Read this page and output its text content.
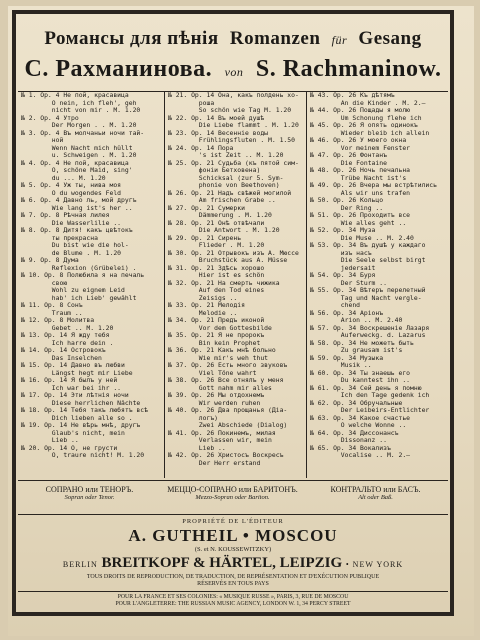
Романсы для пѣнія Romanzen für Gesang
С. Рахманинова. von S. Rachmaninow.
№ 1. Op. 4 Не пой, красавица
O nein, ich fleh', geh
nicht von mir . M. 1.20
№ 2. Op. 4 Утро
Der Morgen . . M. 1.20
№ 3. Op. 4 Въ молчаньи ночи тай-
ной
Wenn Nacht mich hüllt
u. Schweigen . M. 1.20
№ 4. Op. 4 Не пой, красавица
O, schöne Maid, sing'
du ... M. 1.20
№ 5. Op. 4 Уж ты, нива моя
O du wogendes Feld
№ 6. Op. 4 Давно ль, мой другъ
Wie lang ist's her ..
№ 7. Op. 8 Рѣчная лилея
Die Wasserlilie ..
№ 8. Op. 8 Дитя! какъ цвѣтокъ
ты прекрасна
Du bist wie die hol-
de Blume . M. 1.20
№ 9. Op. 8 Дума
Reflexion (Grübelei) .
№ 10. Op. 8 Полюбила я на печаль
свою
Wohl zu eignem Leid
hab' ich Lieb' gewählt
№ 11. Op. 8 Сонъ
Traum ..
№ 12. Op. 8 Молитва
Gebet .. M. 1.20
№ 13. Op. 14 Я жду тебя
Ich harre dein .
№ 14. Op. 14 Островокъ
Das Inselchen
№ 15. Op. 14 Давно въ любви
Längst hegt mir Liebe
№ 16. Op. 14 Я былъ у ней
Ich war bei ihr ..
№ 17. Op. 14 Эти лѣтнія ночи
Diese herrlichen Nächte
№ 18. Op. 14 Тебя такъ любятъ всѣ
Dich lieben alle so .
№ 19. Op. 14 Не вѣрь мнѣ, другъ
Glaub's nicht, mein
Lieb ..
№ 20. Op. 14 О, не грусти
O, traure nicht! M. 1.20
№ 21. Op. 14 Она, какъ полдень хо-
роша
So schön wie Tag M. 1.20
№ 22. Op. 14 Въ моей душѣ
Die Liebe flammt . M. 1.20
№ 23. Op. 14 Весенніе воды
Frühlingsfluten . M. 1.50
№ 24. Op. 14 Пора
's ist Zeit .. M. 1.20
№ 25. Op. 21 Судьба (къ пятой сим-
фоніи Бетховена)
Schicksal (zur 5. Sym-
phonie von Beethoven)
№ 26. Op. 21 Надъ свѣжей могилой
Am frischen Grabe ..
№ 27. Op. 21 Сумерки
Dämmerung . M. 1.20
№ 28. Op. 21 Онѣ отвѣчали
Die Antwort . M. 1.20
№ 29. Op. 21 Сирень
Flieder . M. 1.20
№ 30. Op. 21 Отрывокъ изъ А. Мюссе
Bruchstück aus A. Müsse
№ 31. Op. 21 Здѣсь хорошо
Hier ist es schön
№ 32. Op. 21 На смерть чижика
Auf den Tod eines
Zeisigs ..
№ 33. Op. 21 Мелодія
Melodie ..
№ 34. Op. 21 Предъ иконой
Vor dem Gottesbilde
№ 35. Op. 21 Я не пророкъ
Bin kein Prophet
№ 36. Op. 21 Какъ мнѣ больно
Wie mir's weh thut
№ 37. Op. 26 Есть много звуковъ
Viel Töne wahrt
№ 38. Op. 26 Все отнялъ у меня
Gott nahm mir alles
№ 39. Op. 26 Мы отдохнемъ
Wir werden ruhen
№ 40. Op. 26 Два прощанья (Діа-
логъ)
Zwei Abschiede (Dialog)
№ 41. Op. 26 Покинемъ, милая
Verlassen wir, mein
Lieb ..
№ 42. Op. 26 Христосъ Воскресъ
Der Herr erstand
№ 43. Op. 26 Къ дѣтямъ
An die Kinder . M. 2.—
№ 44. Op. 26 Пощады я молю
Um Schonung flehe ich
№ 45. Op. 26 Я опять одинокъ
Wieder bleib ich allein
№ 46. Op. 26 У моего окна
Vor meinem Fenster
№ 47. Op. 26 Фонтанъ
Die Fontaine
№ 48. Op. 26 Ночь печальна
Trübe Nacht ist's
№ 49. Op. 26 Вчера мы встрѣтились
Als wir uns trafen
№ 50. Op. 26 Кольцо
Der Ring ..
№ 51. Op. 26 Проходитъ все
Wie alles geht ..
№ 52. Op. 34 Муза
Die Muse .. M. 2.40
№ 53. Op. 34 Въ душѣ у каждаго
изъ насъ
Die Seele selbst birgt
jedersait
№ 54. Op. 34 Буря
Der Sturm ..
№ 55. Op. 34 Вѣтеръ перелетный
Tag und Nacht vergle-
chend
№ 56. Op. 34 Аріонъ
Arion .. M. 2.40
№ 57. Op. 34 Воскрешеніе Лазаря
Auferweckg. d. Lazarus
№ 58. Op. 34 Не можетъ быть
Zu grausam ist's
№ 59. Op. 34 Музыка
Musik ..
№ 60. Op. 34 Ты знаешь его
Du kanntest ihn ..
№ 61. Op. 34 Сей день я помню
Ich den Tage gedenk ich
№ 62. Op. 34 Обручальные
Der Leibeirs-Entlichter
№ 63. Op. 34 Какое счастье
O welche Wonne ..
№ 64. Op. 34 Диссонансъ
Dissonanz ..
№ 65. Op. 34 Вокализъ
Vocalise .. M. 2.—
СОПРАНО или ТЕНОРЪ.
Sopran oder Tenor.
МЕЦЦО-СОПРАНО или БАРИТОНЪ.
Mezzo-Sopran oder Bariton.
КОНТРАЛЬТО или БАСЪ.
Alt oder Baß.
PROPRIÉTÉ DE L'ÉDITEUR
A. GUTHEIL • MOSCOU
(S. et N. KOUSSEWITZKY)
BERLIN BREITKOPF & HÄRTEL, LEIPZIG • NEW YORK
TOUS DROITS DE REPRODUCTION, DE TRADUCTION, DE REPRÉSENTATION ET D'EXÉCUTION PUBLIQUE
RÉSERVÉS EN TOUS PAYS
POUR LA FRANCE ET SES COLONIES: « MUSIQUE RUSSE », PARIS, 3, RUE DE MOSCOU
POUR L'ANGLETERRE: THE RUSSIAN MUSIC AGENCY, LONDON W. 1, 34 PERCY STREET
